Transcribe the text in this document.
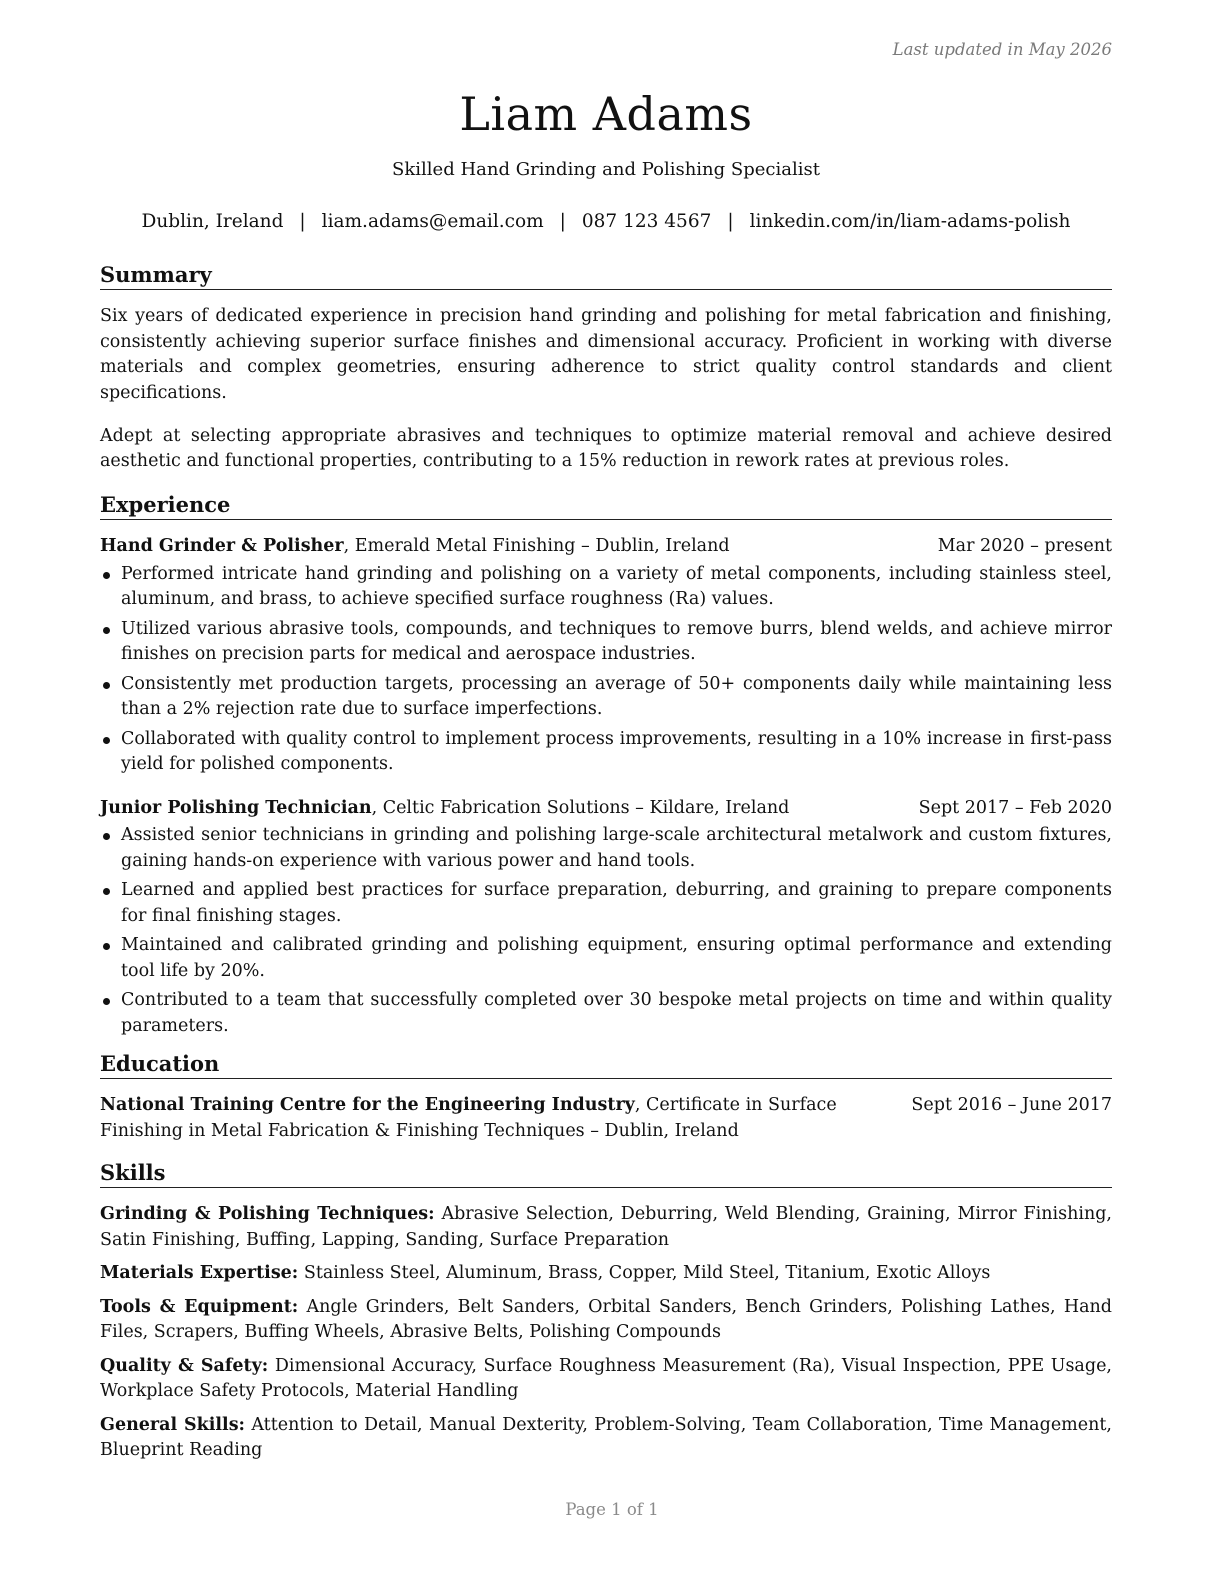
Last updated in May 2026
Liam Adams
Skilled Hand Grinding and Polishing Specialist
Dublin, Ireland | liam.adams@email.com | 087 123 4567 | linkedin.com/in/liam-adams-polish
Summary

Six years of dedicated experience in precision hand grinding and polishing for metal fabrication and finishing, consistently achieving superior surface finishes and dimensional accuracy. Proficient in working with diverse materials and complex geometries, ensuring adherence to strict quality control standards and client specifications.

Adept at selecting appropriate abrasives and techniques to optimize material removal and achieve desired aesthetic and functional properties, contributing to a 15% reduction in rework rates at previous roles.

Experience
Hand Grinder & Polisher, Emerald Metal Finishing – Dublin, Ireland	Mar 2020 – present
Performed intricate hand grinding and polishing on a variety of metal components, including stainless steel, aluminum, and brass, to achieve specified surface roughness (Ra) values.
Utilized various abrasive tools, compounds, and techniques to remove burrs, blend welds, and achieve mirror finishes on precision parts for medical and aerospace industries.
Consistently met production targets, processing an average of 50+ components daily while maintaining less than a 2% rejection rate due to surface imperfections.
Collaborated with quality control to implement process improvements, resulting in a 10% increase in first-pass yield for polished components.
Junior Polishing Technician, Celtic Fabrication Solutions – Kildare, Ireland	Sept 2017 – Feb 2020
Assisted senior technicians in grinding and polishing large-scale architectural metalwork and custom fixtures, gaining hands-on experience with various power and hand tools.
Learned and applied best practices for surface preparation, deburring, and graining to prepare components for final finishing stages.
Maintained and calibrated grinding and polishing equipment, ensuring optimal performance and extending tool life by 20%.
Contributed to a team that successfully completed over 30 bespoke metal projects on time and within quality parameters.
Education
National Training Centre for the Engineering Industry, Certificate in Surface Finishing in Metal Fabrication & Finishing Techniques – Dublin, Ireland
Sept 2016 – June 2017
Skills
Grinding & Polishing Techniques: Abrasive Selection, Deburring, Weld Blending, Graining, Mirror Finishing, Satin Finishing, Buffing, Lapping, Sanding, Surface Preparation
Materials Expertise: Stainless Steel, Aluminum, Brass, Copper, Mild Steel, Titanium, Exotic Alloys
Tools & Equipment: Angle Grinders, Belt Sanders, Orbital Sanders, Bench Grinders, Polishing Lathes, Hand Files, Scrapers, Buffing Wheels, Abrasive Belts, Polishing Compounds
Quality & Safety: Dimensional Accuracy, Surface Roughness Measurement (Ra), Visual Inspection, PPE Usage, Workplace Safety Protocols, Material Handling
General Skills: Attention to Detail, Manual Dexterity, Problem-Solving, Team Collaboration, Time Management, Blueprint Reading
Page 1 of 1
